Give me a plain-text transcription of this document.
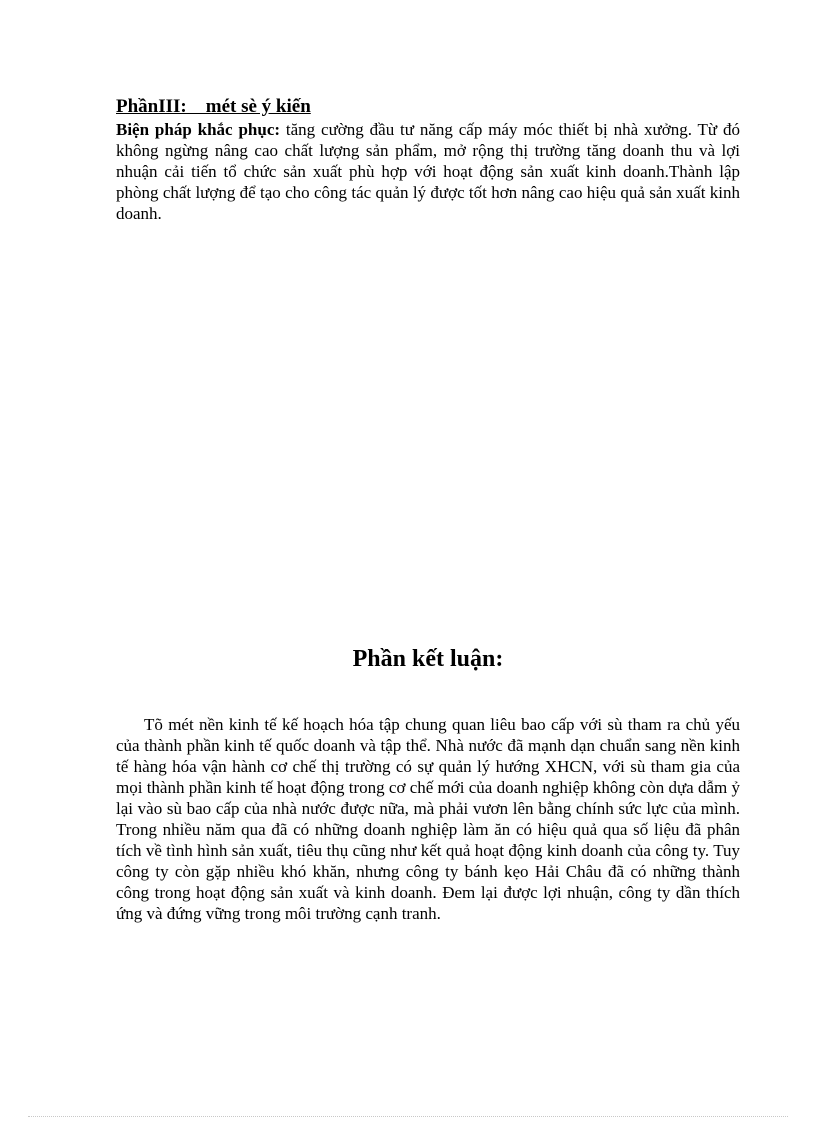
PhầnIII:    mét sè ý kiến

Biện pháp khắc phục: tăng cường đầu tư năng cấp máy móc thiết bị nhà xưởng. Từ đó không ngừng nâng cao chất lượng sản phẩm, mở rộng thị trường tăng doanh thu và lợi nhuận cải tiến tổ chức sản xuất phù hợp với hoạt động sản xuất kinh doanh.Thành lập phòng chất lượng để tạo cho công tác quản lý được tốt hơn nâng cao hiệu quả sản xuất kinh doanh.

Phần kết luận:

Tõ mét nền kinh tế kế hoạch hóa tập chung quan liêu bao cấp với sù tham ra chủ yếu của thành phần kinh tế quốc doanh và tập thể. Nhà nước đã mạnh dạn chuẩn sang nền kinh tế hàng hóa vận hành cơ chế thị trường có sự quản lý hướng XHCN, với sù tham gia của mọi thành phần kinh tế hoạt động trong cơ chế mới của doanh nghiệp không còn dựa dẫm ỷ lại vào sù bao cấp của nhà nước được nữa, mà phải vươn lên bằng chính sức lực của mình. Trong nhiều năm qua đã có những doanh nghiệp làm ăn có hiệu quả qua số liệu đã phân tích về tình hình sản xuất, tiêu thụ cũng như kết quả hoạt động kinh doanh của công ty. Tuy công ty còn gặp nhiều khó khăn, nhưng công ty bánh kẹo Hải Châu đã có những thành công trong hoạt động sản xuất và kinh doanh. Đem lại được lợi nhuận, công ty dần thích ứng và đứng vững trong môi trường cạnh tranh.
